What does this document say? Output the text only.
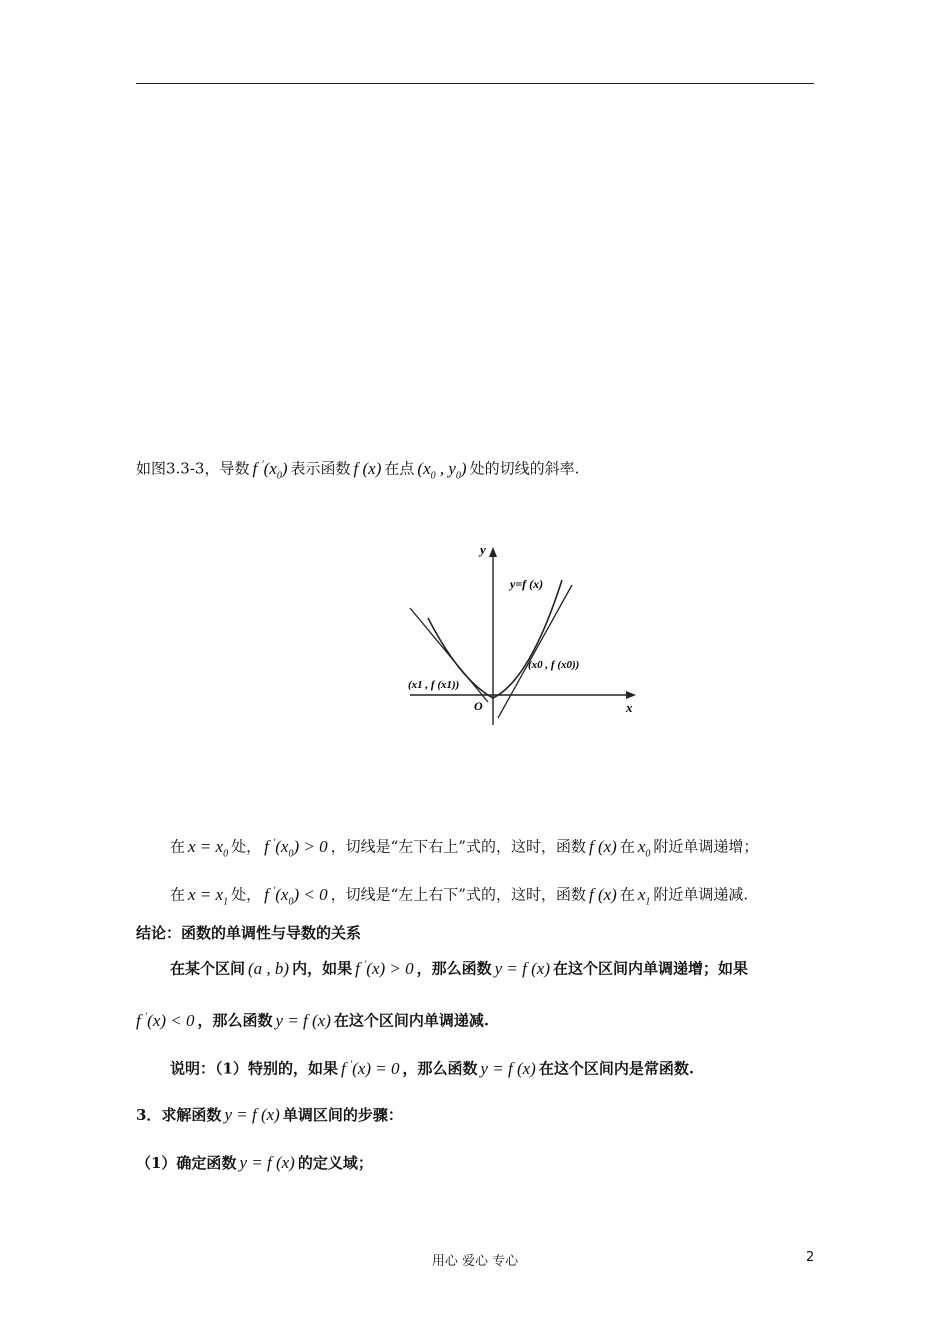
如图3.3-3，导数 f $'(x_0)$ 表示函数 f (x) 在点 ($x_0$ , $y_0$) 处的切线的斜率.
y
x
O
y=f (x)
(x0 , f (x0))
(x1 , f (x1))
在 $x = x_0$ 处， f $'(x_0) > 0$ ，切线是“左下右上”式的，这时，函数 f (x) 在 $x_0$ 附近单调递增；
在 $x = x_1$ 处， f $'(x_0) < 0$ ，切线是“左上右下”式的，这时，函数 f (x) 在 $x_1$ 附近单调递减.
结论：函数的单调性与导数的关系
在某个区间 (a , b) 内，如果 f ′(x) > 0 ，那么函数 y = f (x) 在这个区间内单调递增；如果
f ′(x) < 0 ，那么函数 y = f (x) 在这个区间内单调递减.
说明：（1）特别的，如果 f ′(x) = 0 ，那么函数 y = f (x) 在这个区间内是常函数.
3．求解函数 y = f (x) 单调区间的步骤：
（1）确定函数 y = f (x) 的定义域；
用心 爱心 专心	2
